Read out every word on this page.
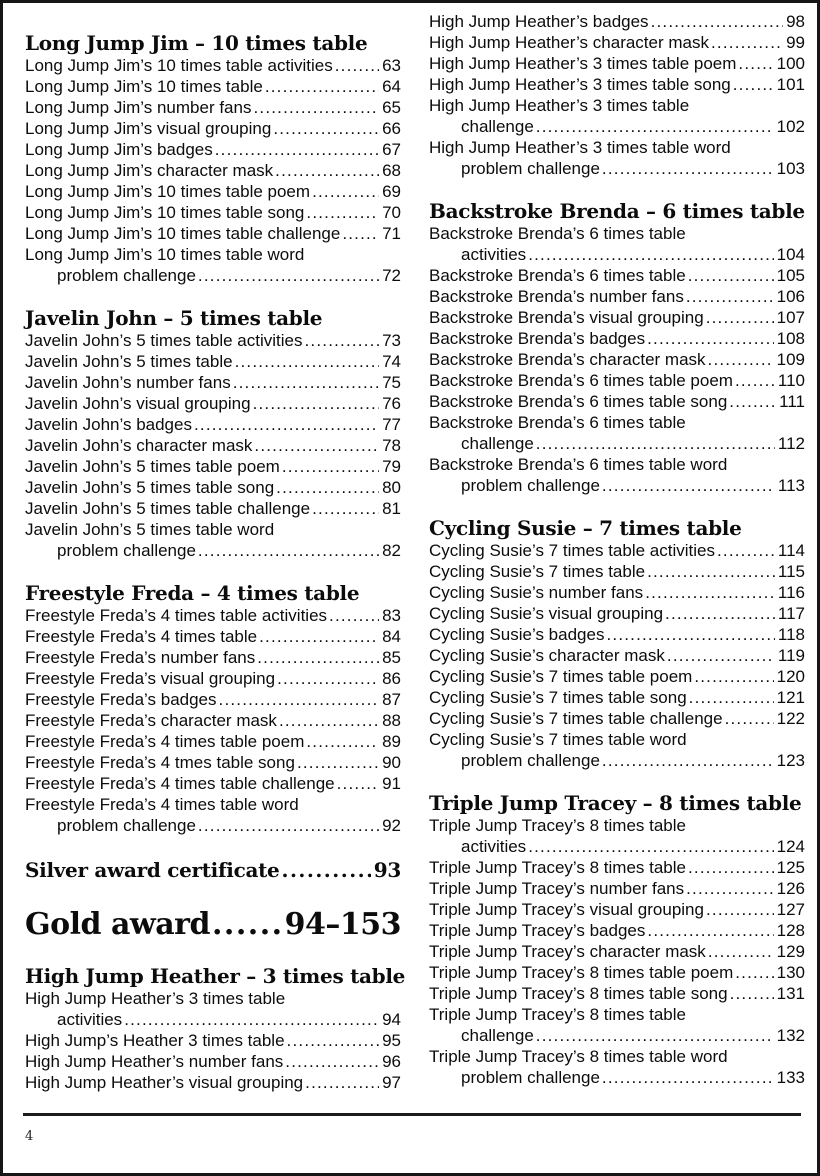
Long Jump Jim – 10 times table
Long Jump Jim’s 10 times table activities .....	63
Long Jump Jim’s 10 times table .....	64
Long Jump Jim’s number fans .....	65
Long Jump Jim’s visual grouping .....	66
Long Jump Jim’s badges .....	67
Long Jump Jim’s character mask .....	68
Long Jump Jim’s 10 times table poem .....	69
Long Jump Jim’s 10 times table song .....	70
Long Jump Jim’s 10 times table challenge ..... 71
Long Jump Jim’s 10 times table word
problem challenge .....	72
Javelin John – 5 times table
Javelin John’s 5 times table activities .....	73
Javelin John’s 5 times table .....	74
Javelin John’s number fans .....	75
Javelin John’s visual grouping .....	76
Javelin John’s badges .....	77
Javelin John’s character mask .....	78
Javelin John’s 5 times table poem .....	79
Javelin John’s 5 times table song .....	80
Javelin John’s 5 times table challenge .....	81
Javelin John’s 5 times table word
problem challenge .....	82
Freestyle Freda – 4 times table
Freestyle Freda’s 4 times table activities .....	83
Freestyle Freda’s 4 times table .....	84
Freestyle Freda’s number fans .....	85
Freestyle Freda’s visual grouping .....	86
Freestyle Freda’s badges .....	87
Freestyle Freda’s character mask .....	88
Freestyle Freda’s 4 times table poem .....	89
Freestyle Freda’s 4 tmes table song .....	90
Freestyle Freda’s 4 times table challenge .....	91
Freestyle Freda’s 4 times table word
problem challenge .....	92
Silver award certificate .....	93
Gold award ..... 94–153
High Jump Heather – 3 times table
High Jump Heather’s 3 times table
activities .....	94
High Jump’s Heather 3 times table .....	95
High Jump Heather’s number fans .....	96
High Jump Heather’s visual grouping .....	97
High Jump Heather’s badges .....	98
High Jump Heather’s character mask .....	99
High Jump Heather’s 3 times table poem ..... 100
High Jump Heather’s 3 times table song .....	101
High Jump Heather’s 3 times table
challenge .....	102
High Jump Heather’s 3 times table word
problem challenge .....	103
Backstroke Brenda – 6 times table
Backstroke Brenda’s 6 times table
activities .....	104
Backstroke Brenda’s 6 times table .....	105
Backstroke Brenda’s number fans .....	106
Backstroke Brenda’s visual grouping .....	107
Backstroke Brenda’s badges .....	108
Backstroke Brenda’s character mask .....	109
Backstroke Brenda’s 6 times table poem .....	110
Backstroke Brenda’s 6 times table song .....	111
Backstroke Brenda’s 6 times table
challenge .....	112
Backstroke Brenda’s 6 times table word
problem challenge .....	113
Cycling Susie – 7 times table
Cycling Susie’s 7 times table activities .....	114
Cycling Susie’s 7 times table .....	115
Cycling Susie’s number fans .....	116
Cycling Susie’s visual grouping .....	117
Cycling Susie’s badges .....	118
Cycling Susie’s character mask .....	119
Cycling Susie’s 7 times table poem .....	120
Cycling Susie’s 7 times table song .....	121
Cycling Susie’s 7 times table challenge .....	122
Cycling Susie’s 7 times table word
problem challenge .....	123
Triple Jump Tracey – 8 times table
Triple Jump Tracey’s 8 times table
activities .....	124
Triple Jump Tracey’s 8 times table .....	125
Triple Jump Tracey’s number fans .....	126
Triple Jump Tracey’s visual grouping .....	127
Triple Jump Tracey’s badges .....	128
Triple Jump Tracey’s character mask .....	129
Triple Jump Tracey’s 8 times table poem .....	130
Triple Jump Tracey’s 8 times table song .....	131
Triple Jump Tracey’s 8 times table
challenge .....	132
Triple Jump Tracey’s 8 times table word
problem challenge .....	133
4
